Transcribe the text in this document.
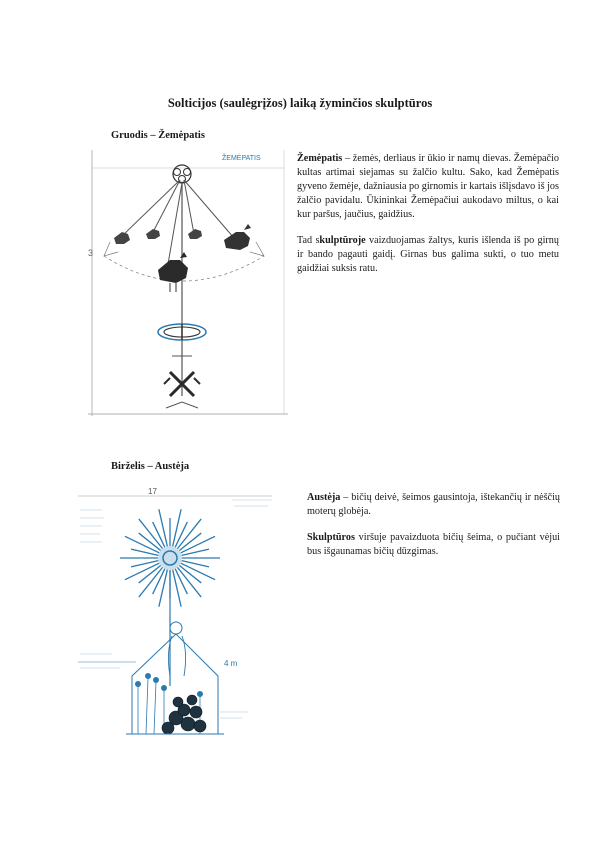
Solticijos (saulėgrįžos) laiką žyminčios skulptūros
Gruodis – Žemėpatis
ŽEMĖPATIS
3

Žemėpatis – žemės, derliaus ir ūkio ir namų dievas. Žemėpačio kultas artimai siejamas su žalčio kultu. Sako, kad Žemėpatis gyveno žemėje, dažniausia po girnomis ir kartais išlįsdavo iš jos žalčio pavidalu. Ūkininkai Žemėpačiui aukodavo miltus, o kai kur paršus, jaučius, gaidžius.

Tad skulptūroje vaizduojamas žaltys, kuris išlenda iš po girnų ir bando pagauti gaidį. Girnas bus galima sukti, o tuo metu gaidžiai suksis ratu.

Birželis – Austėja
17
4 m

Austėja – bičių deivė, šeimos gausintoja, ištekančių ir nėščių moterų globėja.

Skulptūros viršuje pavaizduota bičių šeima, o pučiant vėjui bus išgaunamas bičių dūzgimas.
